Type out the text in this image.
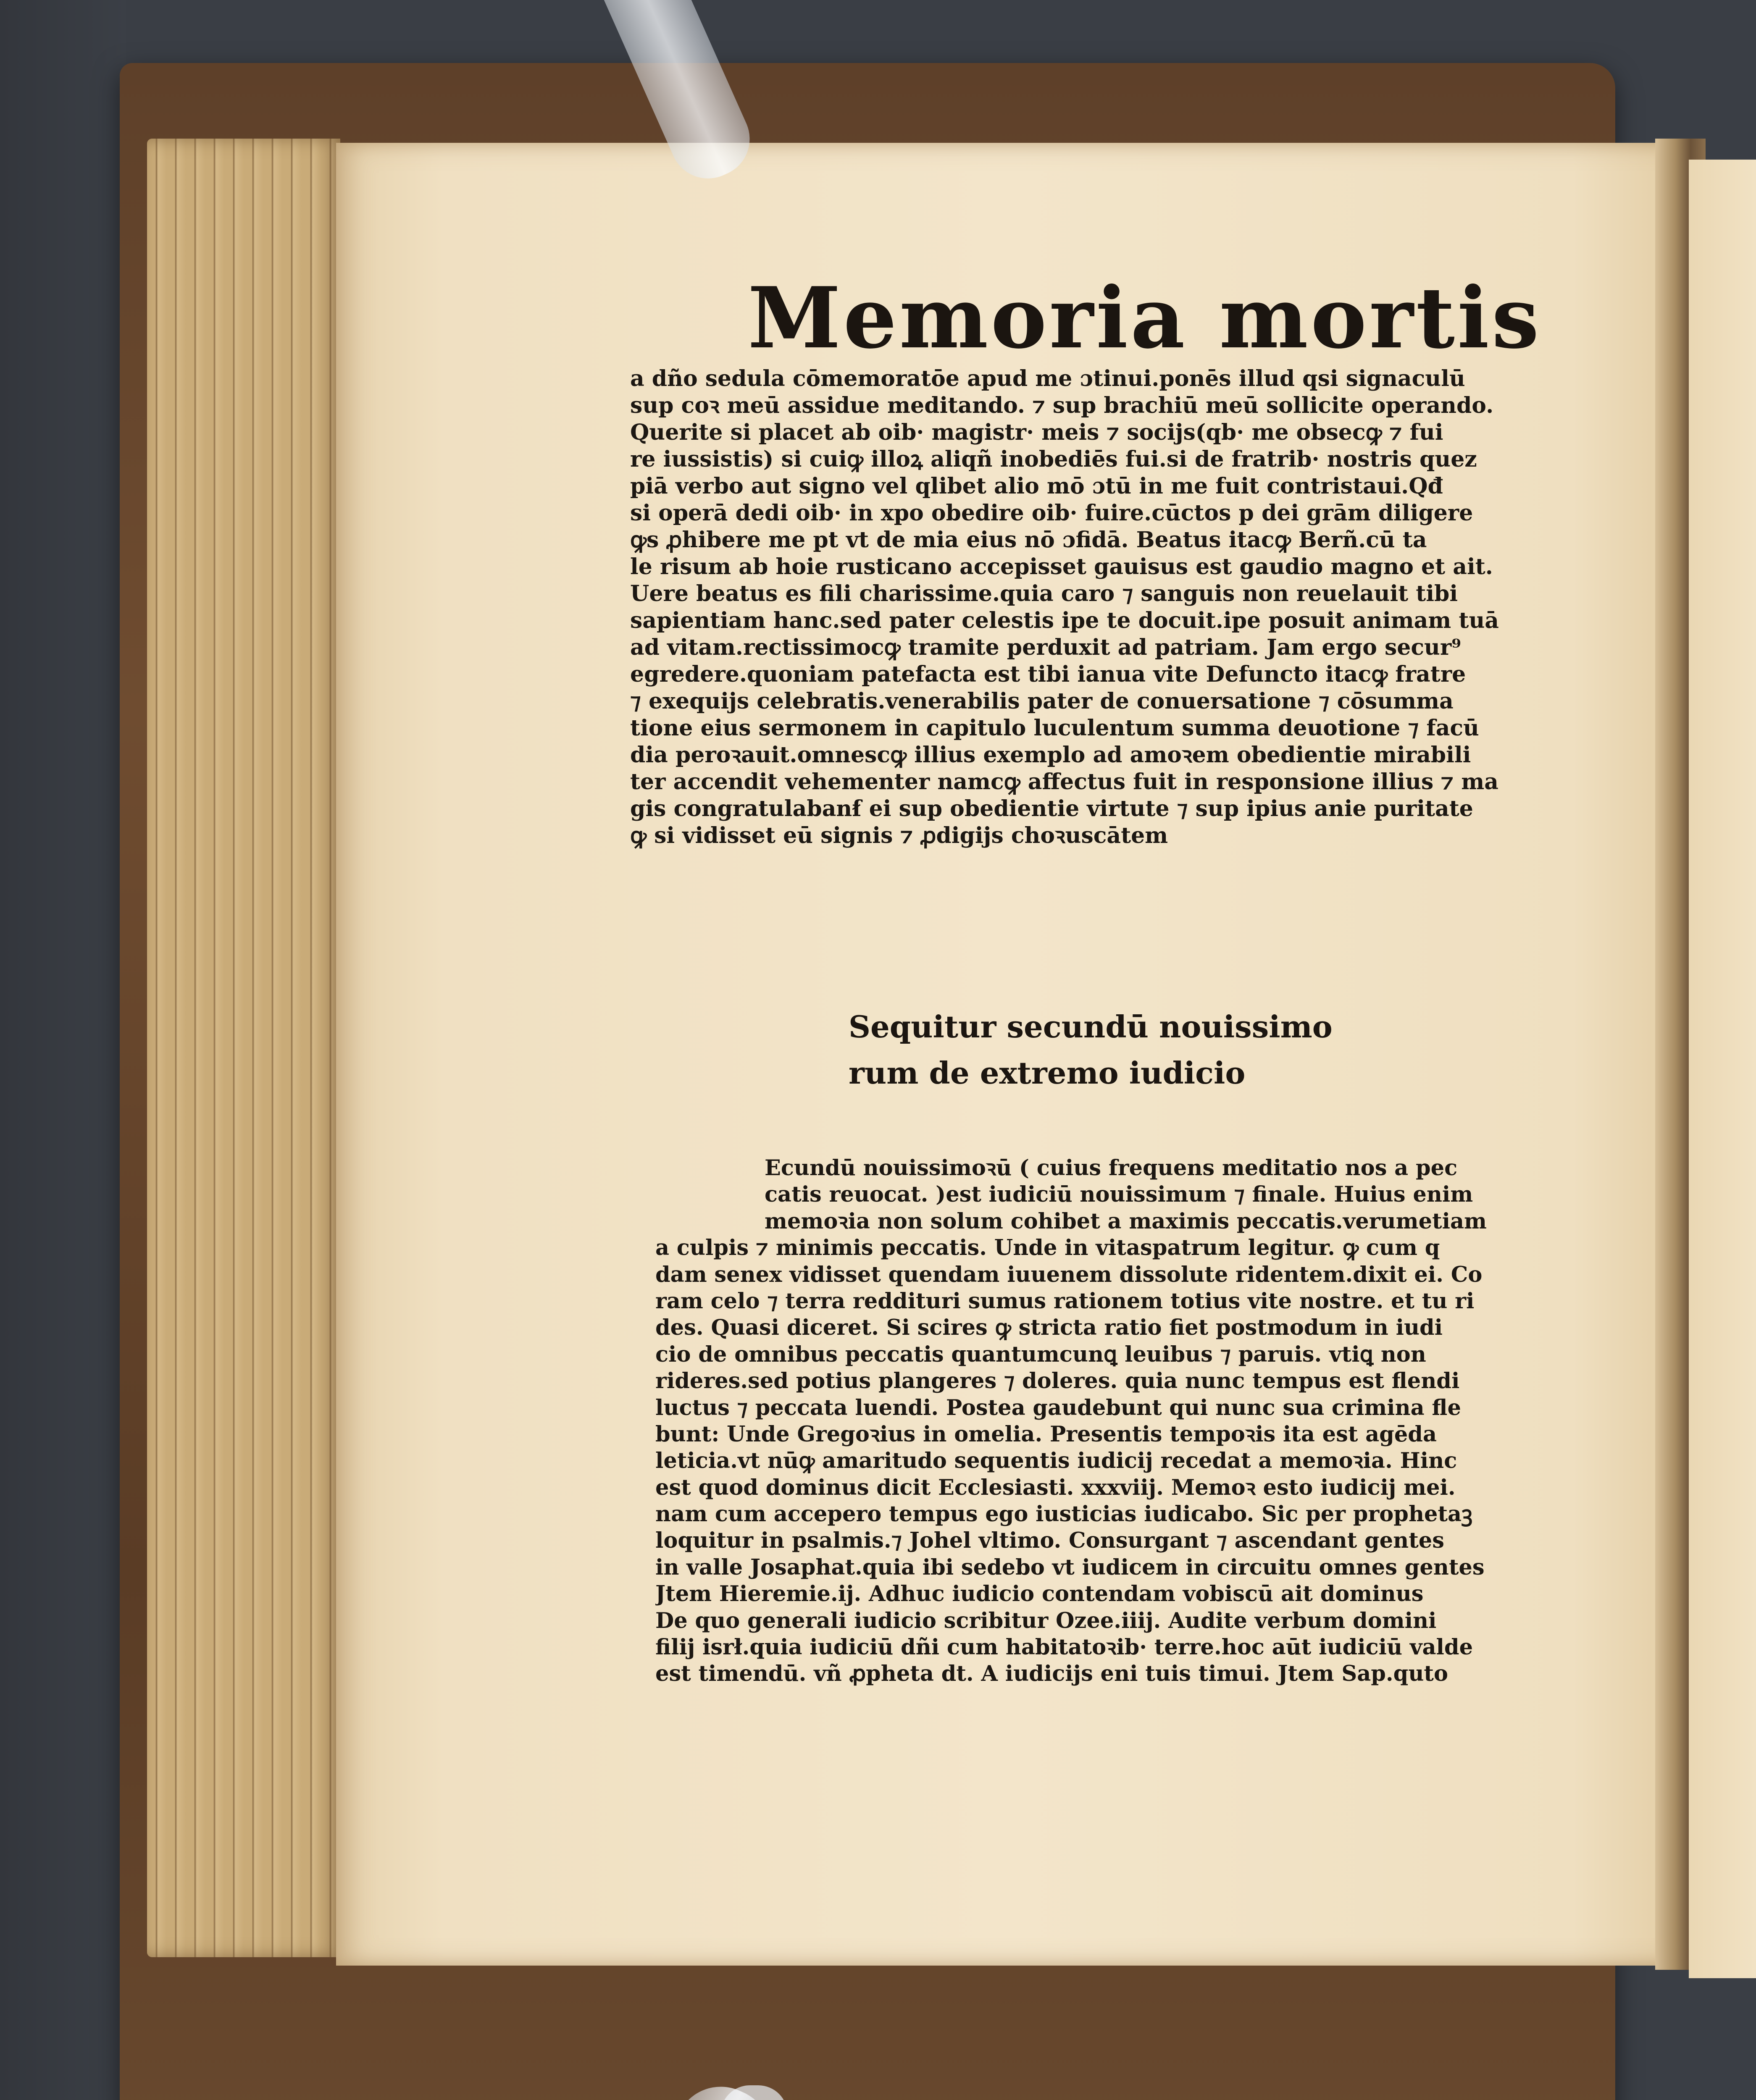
Memoria mortis
a dño sedula cōmemoratōe apud me ɔtinui.ponēs illud qsi signaculū
sup coꝛ meū assidue meditando. ⁊ sup brachiū meū sollicite operando.
Querite si placet ab oib· magistr· meis ⁊ socijs(qb· me obsecꝙ ⁊ fui
re iussistis) si cuiꝙ illoꝝ aliqñ inobediēs fui.si de fratrib· nostris quez
piā verbo aut signo vel qlibet alio mō ɔtū in me fuit contristaui.Qđ
si operā dedi oib· in xpo obedire oib· fuire.cūctos p dei grām diligere
ꝙs ꝓhibere me pt vt de mia eius nō ɔfidā. Beatus itacꝙ Berñ.cū ta
le risum ab hoie rusticano accepisset gauisus est gaudio magno et ait.
Uere beatus es fili charissime.quia caro ⁊ sanguis non reuelauit tibi
sapientiam hanc.sed pater celestis ipe te docuit.ipe posuit animam tuā
ad vitam.rectissimocꝙ tramite perduxit ad patriam. Jam ergo secur⁹
egredere.quoniam patefacta est tibi ianua vite Defuncto itacꝙ fratre
⁊ exequijs celebratis.venerabilis pater de conuersatione ⁊ cōsumma
tione eius sermonem in capitulo luculentum summa deuotione ⁊ facū
dia peroꝛauit.omnescꝙ illius exemplo ad amoꝛem obedientie mirabili
ter accendit vehementer namcꝙ affectus fuit in responsione illius ⁊ ma
gis congratulabanẜ ei sup obedientie virtute ⁊ sup ipius anie puritate
ꝙ si vidisset eū signis ⁊ ꝓdigijs choꝛuscātem
Sequitur secundū nouissimo
rum de extremo iudicio
Ecundū nouissimoꝛū ( cuius frequens meditatio nos a pec
catis reuocat. )est iudiciū nouissimum ⁊ finale. Huius enim
memoꝛia non solum cohibet a maximis peccatis.verumetiam
a culpis ⁊ minimis peccatis. Unde in vitaspatrum legitur. ꝙ cum q
dam senex vidisset quendam iuuenem dissolute ridentem.dixit ei. Co
ram celo ⁊ terra reddituri sumus rationem totius vite nostre. et tu ri
des. Quasi diceret. Si scires ꝙ stricta ratio fiet postmodum in iudi
cio de omnibus peccatis quantumcunꝗ leuibus ⁊ paruis. vtiꝗ non
rideres.sed potius plangeres ⁊ doleres. quia nunc tempus est flendi
luctus ⁊ peccata luendi. Postea gaudebunt qui nunc sua crimina fle
bunt: Unde Gregoꝛius in omelia. Presentis tempoꝛis ita est agēda
leticia.vt nūꝙ amaritudo sequentis iudicij recedat a memoꝛia. Hinc
est quod dominus dicit Ecclesiasti. xxxviij. Memoꝛ esto iudicij mei.
nam cum accepero tempus ego iusticias iudicabo. Sic per prophetaꝫ
loquitur in psalmis.⁊ Johel vltimo. Consurgant ⁊ ascendant gentes
in valle Josaphat.quia ibi sedebo vt iudicem in circuitu omnes gentes
Jtem Hieremie.ij. Adhuc iudicio contendam vobiscū ait dominus
De quo generali iudicio scribitur Ozee.iiij. Audite verbum domini
filij isrł.quia iudiciū dñi cum habitatoꝛib· terre.hoc aūt iudiciū valde
est timendū. vñ ꝓpheta dt. A iudicijs eni tuis timui. Jtem Sap.quto
